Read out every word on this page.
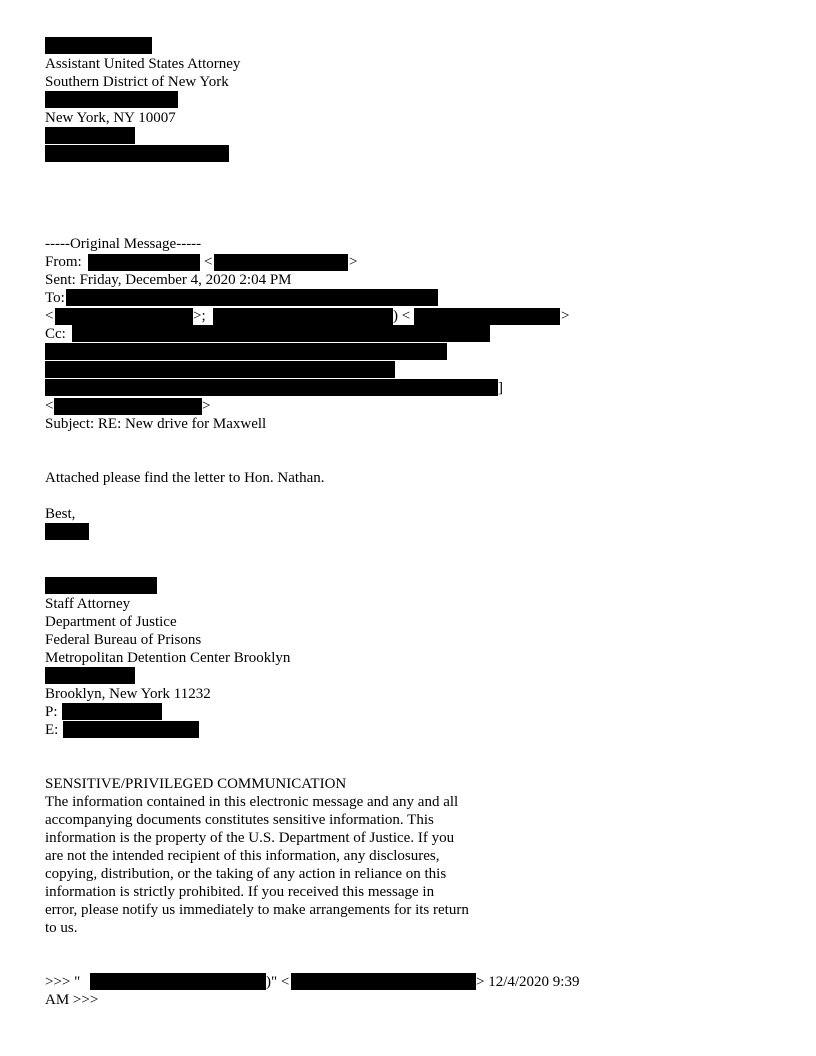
Assistant United States Attorney
Southern District of New York
New York, NY 10007
-----Original Message-----
From:	<	>
Sent: Friday, December 4, 2020 2:04 PM
To:
<	>;	) <	>
Cc:
]
<	>
Subject: RE: New drive for Maxwell
Attached please find the letter to Hon. Nathan.
Best,
Staff Attorney
Department of Justice
Federal Bureau of Prisons
Metropolitan Detention Center Brooklyn
Brooklyn, New York 11232
P:
E:
SENSITIVE/PRIVILEGED COMMUNICATION
The information contained in this electronic message and any and all
accompanying documents constitutes sensitive information. This
information is the property of the U.S. Department of Justice. If you
are not the intended recipient of this information, any disclosures,
copying, distribution, or the taking of any action in reliance on this
information is strictly prohibited. If you received this message in
error, please notify us immediately to make arrangements for its return
to us.
>>> "	)" <	> 12/4/2020 9:39
AM >>>
